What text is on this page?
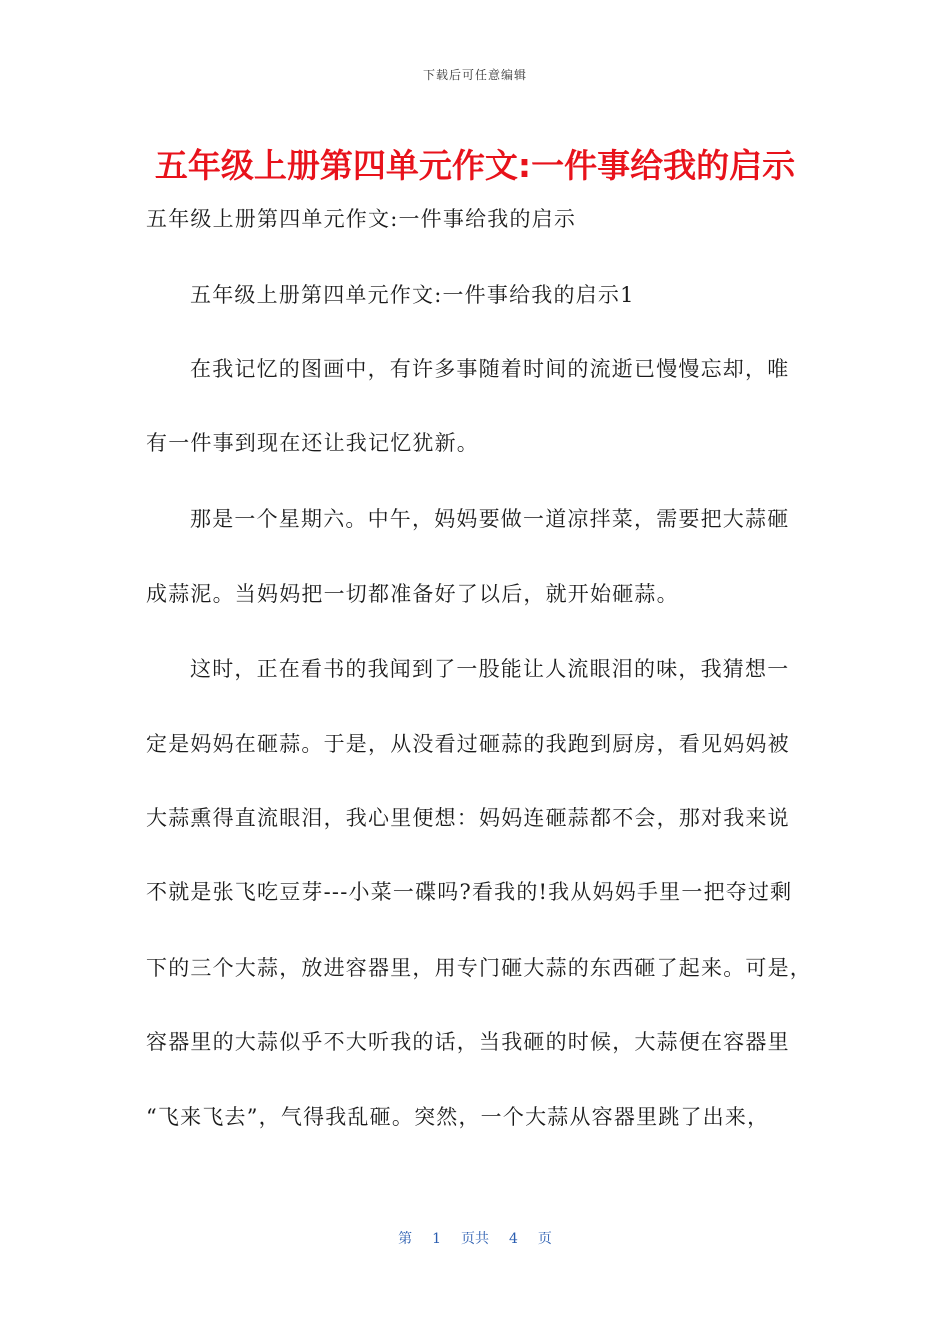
下载后可任意编辑
五年级上册第四单元作文:一件事给我的启示
五年级上册第四单元作文:一件事给我的启示
五年级上册第四单元作文:一件事给我的启示1
在我记忆的图画中，有许多事随着时间的流逝已慢慢忘却，唯
有一件事到现在还让我记忆犹新。
那是一个星期六。中午，妈妈要做一道凉拌菜，需要把大蒜砸
成蒜泥。当妈妈把一切都准备好了以后，就开始砸蒜。
这时，正在看书的我闻到了一股能让人流眼泪的味，我猜想一
定是妈妈在砸蒜。于是，从没看过砸蒜的我跑到厨房，看见妈妈被
大蒜熏得直流眼泪，我心里便想：妈妈连砸蒜都不会，那对我来说
不就是张飞吃豆芽---小菜一碟吗?看我的!我从妈妈手里一把夺过剩
下的三个大蒜，放进容器里，用专门砸大蒜的东西砸了起来。可是，
容器里的大蒜似乎不大听我的话，当我砸的时候，大蒜便在容器里
“飞来飞去”，气得我乱砸。突然，一个大蒜从容器里跳了出来，
第 1 页共 4 页
